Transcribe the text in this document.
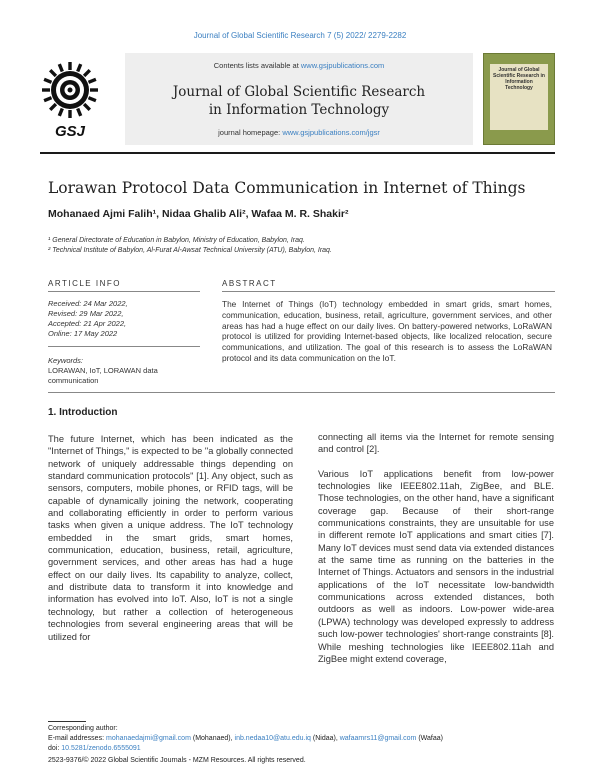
Journal of Global Scientific Research 7 (5) 2022/ 2279-2282
GSJ
Contents lists available at www.gsjpublications.com
Journal of Global Scientific Research
in Information Technology
journal homepage: www.gsjpublications.com/jgsr
Journal of Global Scientific Research in Information Technology
Lorawan Protocol Data Communication in Internet of Things
Mohanaed Ajmi Falih¹, Nidaa Ghalib Ali², Wafaa M. R. Shakir²
¹ General Directorate of Education in Babylon, Ministry of Education, Babylon, Iraq.
² Technical Institute of Babylon, Al-Furat Al-Awsat Technical University (ATU), Babylon, Iraq.
ARTICLE INFO	ABSTRACT
Received: 24 Mar 2022,
Revised: 29 Mar 2022,
Accepted: 21 Apr 2022,
Online: 17 May 2022
Keywords:
LORAWAN, IoT, LORAWAN data communication
The Internet of Things (IoT) technology embedded in smart grids, smart homes, communication, education, business, retail, agriculture, government services, and other areas has had a huge effect on our daily lives. On battery-powered networks, LoRaWAN protocol is utilized for providing Internet-based objects, like localized relocation, secure communications, and utilization. The goal of this research is to assess the LoRaWAN protocol and its data communication on the IoT.
1. Introduction

The future Internet, which has been indicated as the "Internet of Things," is expected to be "a globally connected network of uniquely addressable things depending on standard communication protocols" [1]. Any object, such as sensors, computers, mobile phones, or RFID tags, will be capable of dynamically joining the network, cooperating and collaborating efficiently in order to perform various tasks when given a unique address. The IoT technology embedded in the smart grids, smart homes, communication, education, business, retail, agriculture, government services, and other areas has had a huge effect on our daily lives. Its capability to analyze, collect, and distribute data to transform it into knowledge and information has evolved into IoT. Also, IoT is not a single technology, but rather a collection of heterogeneous technologies from several engineering areas that will be utilized for

connecting all items via the Internet for remote sensing and control [2].

Various IoT applications benefit from low-power technologies like IEEE802.11ah, ZigBee, and BLE. Those technologies, on the other hand, have a significant coverage gap. Because of their short-range communications constraints, they are unsuitable for use in different remote IoT applications and smart cities [7]. Many IoT devices must send data via extended distances at the same time as running on the batteries in the Internet of Things. Actuators and sensors in the industrial applications of the IoT necessitate low-bandwidth communications across extended distances, both outdoors as well as indoors. Low-power wide-area (LPWA) technology was developed expressly to address such low-power technologies' short-range constraints [8]. While meshing technologies like IEEE802.11ah and ZigBee might extend coverage,

Corresponding author:
E-mail addresses: mohanaedajmi@gmail.com (Mohanaed), inb.nedaa10@atu.edu.iq (Nidaa), wafaamrs11@gmail.com (Wafaa)
doi: 10.5281/zenodo.6555091
2523-9376/© 2022 Global Scientific Journals - MZM Resources. All rights reserved.
